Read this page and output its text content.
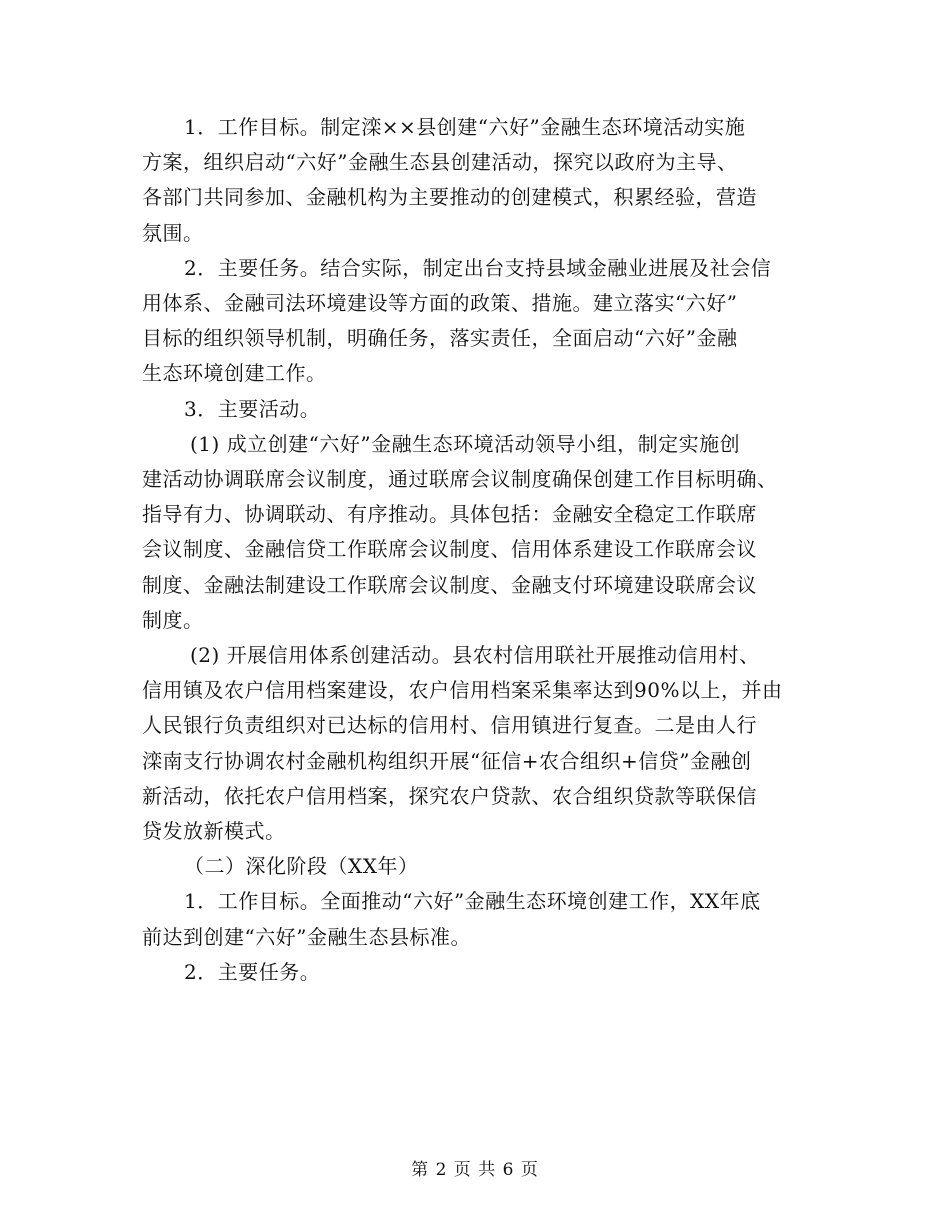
1．工作目标。制定滦××县创建“六好”金融生态环境活动实施
方案，组织启动“六好”金融生态县创建活动，探究以政府为主导、
各部门共同参加、金融机构为主要推动的创建模式，积累经验，营造
氛围。

2．主要任务。结合实际，制定出台支持县域金融业进展及社会信
用体系、金融司法环境建设等方面的政策、措施。建立落实“六好”
目标的组织领导机制，明确任务，落实责任，全面启动“六好”金融
生态环境创建工作。

3．主要活动。

(1) 成立创建“六好”金融生态环境活动领导小组，制定实施创
建活动协调联席会议制度，通过联席会议制度确保创建工作目标明确、
指导有力、协调联动、有序推动。具体包括：金融安全稳定工作联席
会议制度、金融信贷工作联席会议制度、信用体系建设工作联席会议
制度、金融法制建设工作联席会议制度、金融支付环境建设联席会议
制度。

(2) 开展信用体系创建活动。县农村信用联社开展推动信用村、
信用镇及农户信用档案建设，农户信用档案采集率达到90%以上，并由
人民银行负责组织对已达标的信用村、信用镇进行复查。二是由人行
滦南支行协调农村金融机构组织开展“征信+农合组织+信贷”金融创
新活动，依托农户信用档案，探究农户贷款、农合组织贷款等联保信
贷发放新模式。

（二）深化阶段（XX年）

1．工作目标。全面推动“六好”金融生态环境创建工作，XX年底
前达到创建“六好”金融生态县标准。

2．主要任务。

第 2 页 共 6 页
